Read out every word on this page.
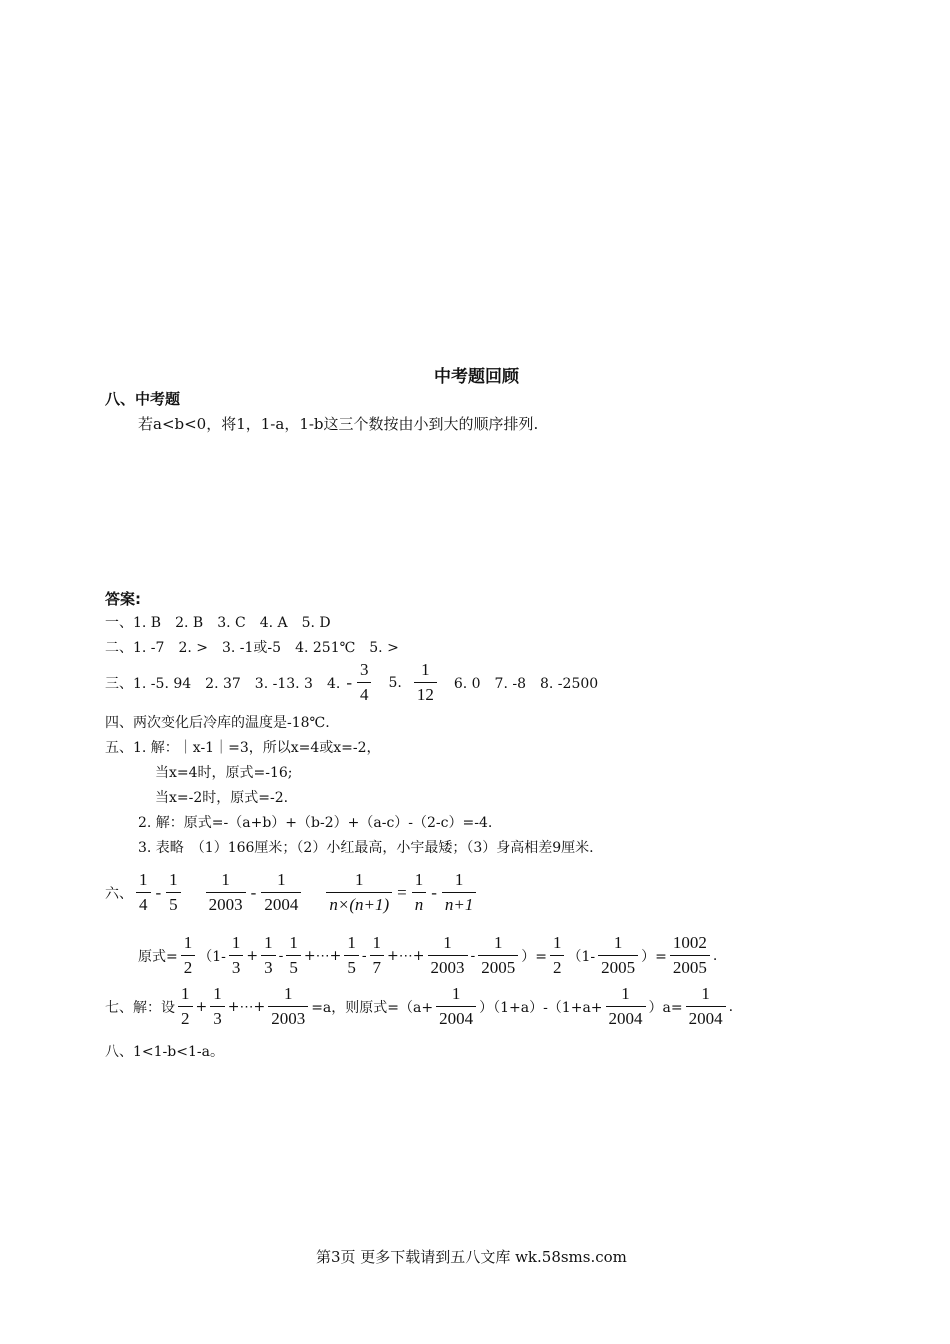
中考题回顾
八、中考题
若a<b<0，将1，1-a，1-b这三个数按由小到大的顺序排列.
答案:
一、1. B　2. B　3. C　4. A　5. D
二、1. -7　2. >　3. -1或-5　4. 251℃　5. >
三、1. -5. 94　2. 37　3. -13. 3　4. - $\frac{3}{4} 5$. $\frac{1}{12} 6$. 0　7. -8　8. -2500
四、两次变化后冷库的温度是-18℃.
五、1. 解：｜x-1｜=3，所以x=4或x=-2，
当x=4时，原式=-16;
当x=-2时，原式=-2.
2. 解：原式=-（a+b）+（b-2）+（a-c）-（2-c）=-4.
3. 表略　（1）166厘米；（2）小红最高，小宇最矮；（3）身高相差9厘米.
六、 $\frac{1}{4} - \frac{1}{5} \frac{1}{2003} - \frac{1}{2004} \frac{1}{n\times(n+1)} = \frac{1}{n} - \frac{1}{n+1}$
原式= $\frac{1}{2} (1- \frac{1}{3} + \frac{1}{3} - \frac{1}{5}$ +⋯+ $\frac{1}{5} - \frac{1}{7}$ +⋯+ $\frac{1}{2003} - \frac{1}{2005}$ ）= $\frac{1}{2} (1- \frac{1}{2005}$ ）= $\frac{1002}{2005}$ .
七、解：设 $\frac{1}{2} + \frac{1}{3}$ +⋯+ $\frac{1}{2003} =a$，则原式$=(a+ \frac{1}{2004} )(1+a)-(1+a+ \frac{1}{2004} )a= \frac{1}{2004}$ .
八、1<1-b<1-a。
第3页 更多下载请到五八文库 wk.58sms.com
